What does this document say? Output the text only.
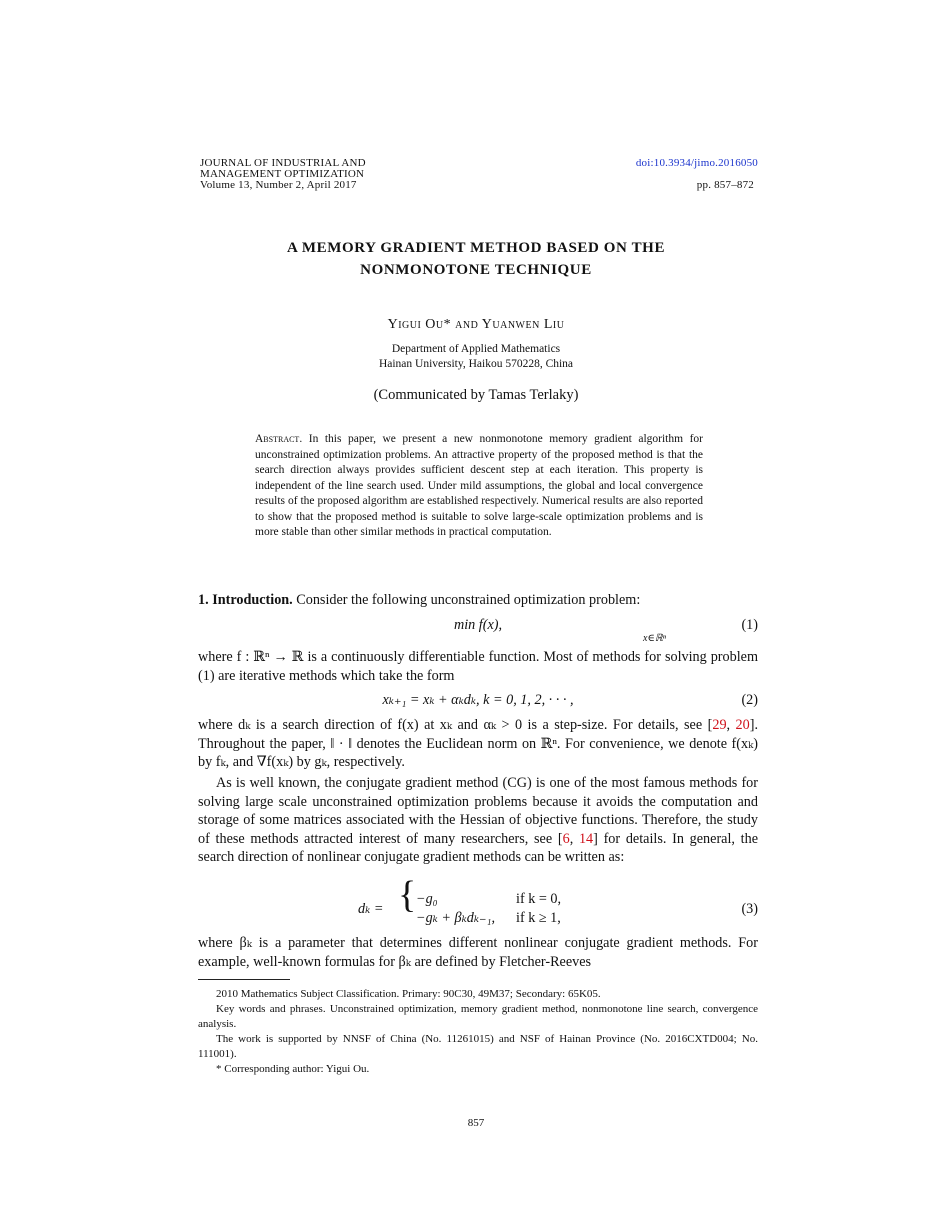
JOURNAL OF INDUSTRIAL AND
MANAGEMENT OPTIMIZATION
Volume 13, Number 2, April 2017
doi:10.3934/jimo.2016050
pp. 857–872
A MEMORY GRADIENT METHOD BASED ON THE
NONMONOTONE TECHNIQUE
Yigui Ou* and Yuanwen Liu
Department of Applied Mathematics
Hainan University, Haikou 570228, China
(Communicated by Tamas Terlaky)
Abstract. In this paper, we present a new nonmonotone memory gradient algorithm for unconstrained optimization problems. An attractive property of the proposed method is that the search direction always provides sufficient descent step at each iteration. This property is independent of the line search used. Under mild assumptions, the global and local convergence results of the proposed algorithm are established respectively. Numerical results are also reported to show that the proposed method is suitable to solve large-scale optimization problems and is more stable than other similar methods in practical computation.
1. Introduction. Consider the following unconstrained optimization problem:
min f(x),
x∈ℝⁿ
(1)
where f : ℝⁿ → ℝ is a continuously differentiable function. Most of methods for solving problem (1) are iterative methods which take the form
xₖ₊₁ = xₖ + αₖdₖ, k = 0, 1, 2, · · · ,	(2)
where dₖ is a search direction of f(x) at xₖ and αₖ > 0 is a step-size. For details, see [29, 20]. Throughout the paper, ‖ · ‖ denotes the Euclidean norm on ℝⁿ. For convenience, we denote f(xₖ) by fₖ, and ∇f(xₖ) by gₖ, respectively.
As is well known, the conjugate gradient method (CG) is one of the most famous methods for solving large scale unconstrained optimization problems because it avoids the computation and storage of some matrices associated with the Hessian of objective functions. Therefore, the study of these methods attracted interest of many researchers, see [6, 14] for details. In general, the search direction of nonlinear conjugate gradient methods can be written as:
dₖ = { −g₀	if k = 0,
−gₖ + βₖdₖ₋₁, if k ≥ 1,
(3)
where βₖ is a parameter that determines different nonlinear conjugate gradient methods. For example, well-known formulas for βₖ are defined by Fletcher-Reeves
2010 Mathematics Subject Classification. Primary: 90C30, 49M37; Secondary: 65K05.
Key words and phrases. Unconstrained optimization, memory gradient method, nonmonotone line search, convergence analysis.
The work is supported by NNSF of China (No. 11261015) and NSF of Hainan Province (No. 2016CXTD004; No. 111001).
* Corresponding author: Yigui Ou.
857
